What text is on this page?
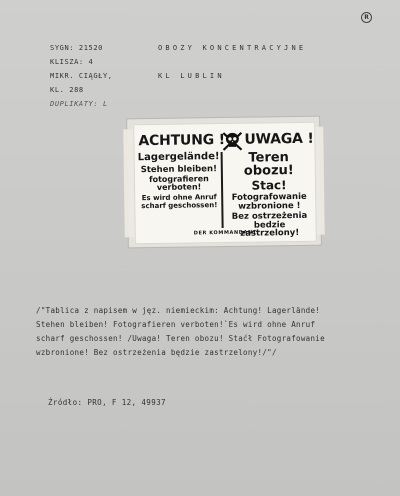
R
SYGN: 21520
KLISZA: 4
MIKR. CIĄGŁY,
KL. 288
DUPLIKATY: L
OBOZY KONCENTRACYJNE
KL LUBLIN
ACHTUNG ! UWAGA !
Lagergelände!
Stehen bleiben!
fotografieren
verboten!
Es wird ohne Anruf
scharf geschossen!
Teren obozu!
Stac!
Fotografowanie
wzbronione !
Bez ostrzeżenia
bedzie zastrzelony!
DER KOMMANDANT
/"Tablica z napisem w jęz. niemieckim: Achtung! Lagerlände!
Stehen bleiben! Fotografieren verboten!`Es wird ohne Anruf
scharf geschossen! /Uwaga! Teren obozu! Staćł Fotografowanie
wzbronione! Bez ostrzeżenia będzie zastrzelony!/"/
Źródło: PRO, F 12, 49937
